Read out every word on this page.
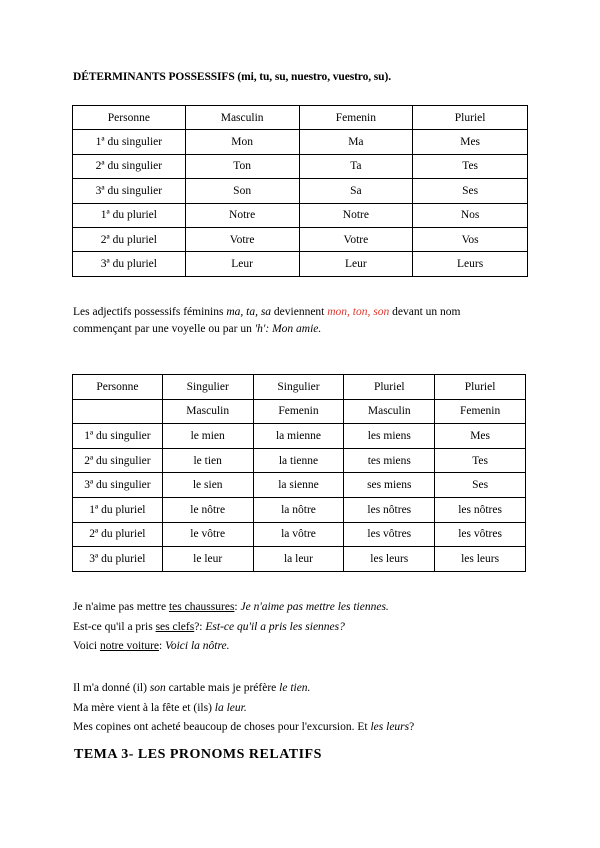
DÉTERMINANTS POSSESSIFS (mi, tu, su, nuestro, vuestro, su).
Personne	Masculin	Femenin	Pluriel
1ª du singulier	Mon	Ma	Mes
2ª du singulier	Ton	Ta	Tes
3ª du singulier	Son	Sa	Ses
1ª du pluriel	Notre	Notre	Nos
2ª du pluriel	Votre	Votre	Vos
3ª du pluriel	Leur	Leur	Leurs
Les adjectifs possessifs féminins ma, ta, sa deviennent mon, ton, son devant un nom
commençant par une voyelle ou par un 'h': Mon amie.
Personne	Singulier	Singulier	Pluriel	Pluriel
	Masculin	Femenin	Masculin	Femenin
1ª du singulier	le mien	la mienne	les miens	Mes
2ª du singulier	le tien	la tienne	tes miens	Tes
3ª du singulier	le sien	la sienne	ses miens	Ses
1ª du pluriel	le nôtre	la nôtre	les nôtres	les nôtres
2ª du pluriel	le vôtre	la vôtre	les vôtres	les vôtres
3ª du pluriel	le leur	la leur	les leurs	les leurs
Je n'aime pas mettre tes chaussures: Je n'aime pas mettre les tiennes.
Est-ce qu'il a pris ses clefs?: Est-ce qu'il a pris les siennes?
Voici notre voiture: Voici la nôtre.
Il m'a donné (il) son cartable mais je préfère le tien.
Ma mère vient à la fête et (ils) la leur.
Mes copines ont acheté beaucoup de choses pour l'excursion. Et les leurs?
TEMA 3- LES PRONOMS RELATIFS
